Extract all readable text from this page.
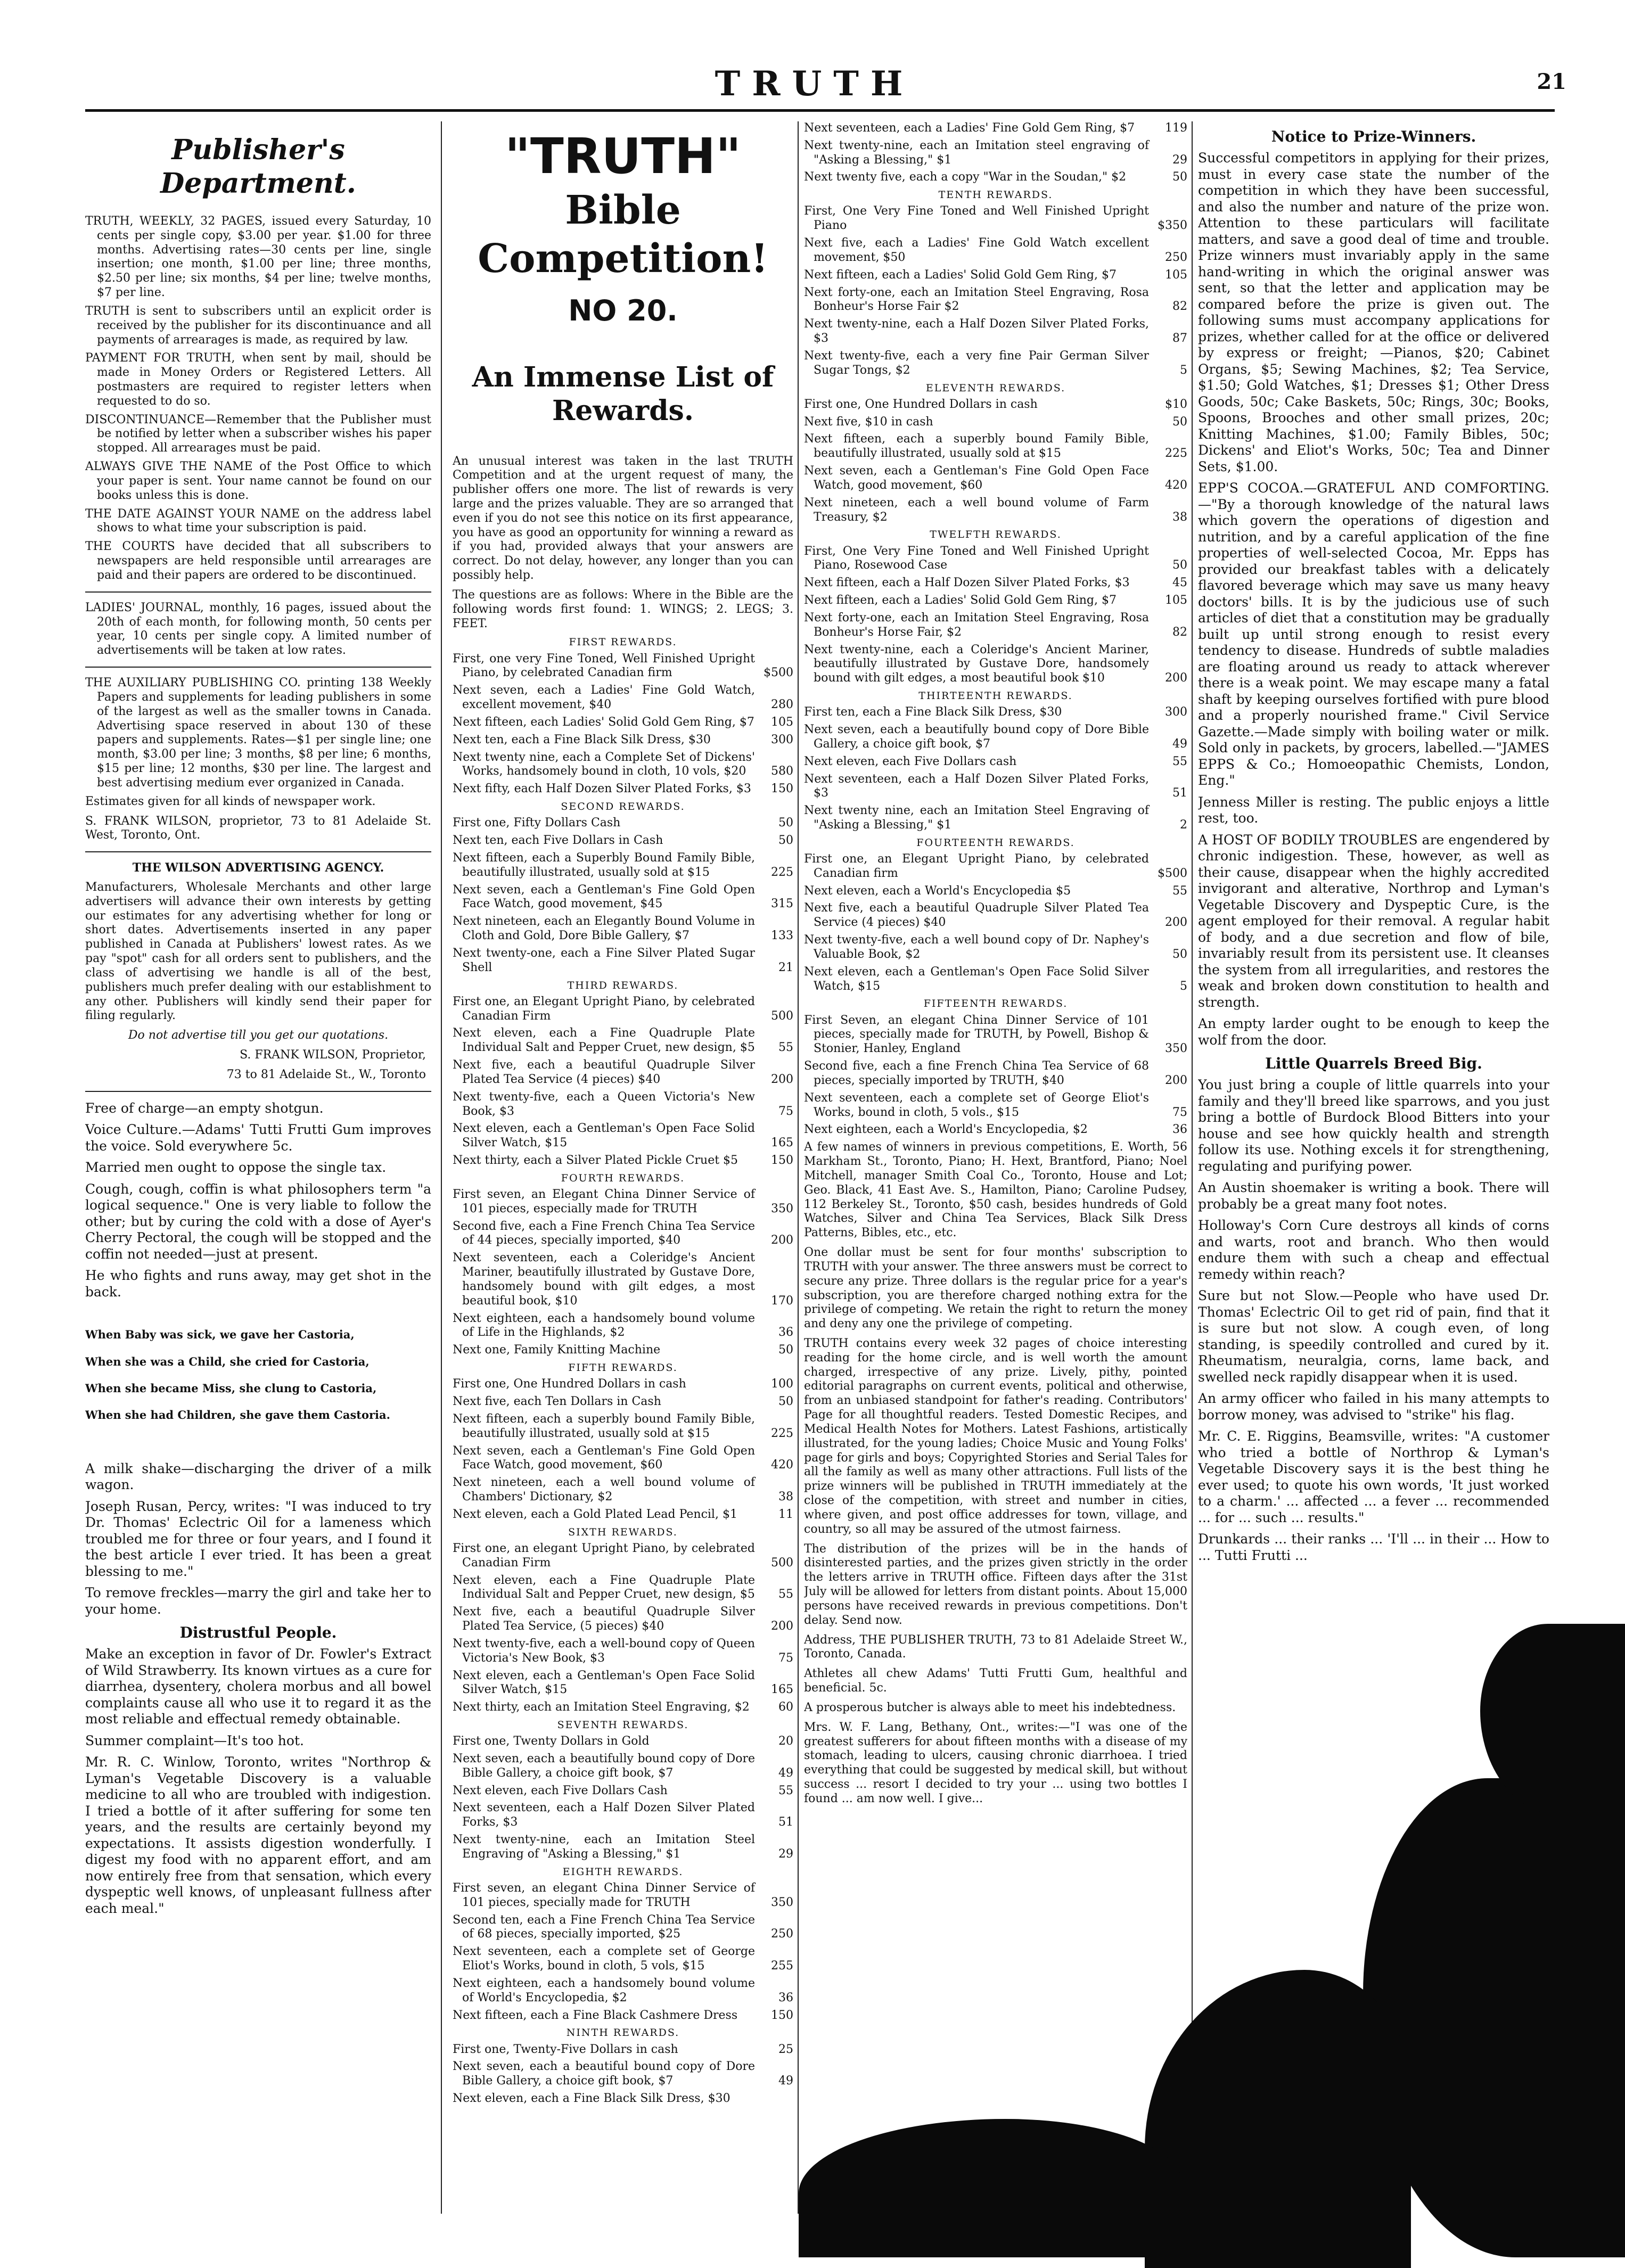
TRUTH	21
Publisher's Department.

TRUTH, WEEKLY, 32 PAGES, issued every Saturday, 10 cents per single copy, $3.00 per year. $1.00 for three months. Advertising rates—30 cents per line, single insertion; one month, $1.00 per line; three months, $2.50 per line; six months, $4 per line; twelve months, $7 per line.

TRUTH is sent to subscribers until an explicit order is received by the publisher for its discontinuance and all payments of arrearages is made, as required by law.

PAYMENT FOR TRUTH, when sent by mail, should be made in Money Orders or Registered Letters. All postmasters are required to register letters when requested to do so.

DISCONTINUANCE—Remember that the Publisher must be notified by letter when a subscriber wishes his paper stopped. All arrearages must be paid.

ALWAYS GIVE THE NAME of the Post Office to which your paper is sent. Your name cannot be found on our books unless this is done.

THE DATE AGAINST YOUR NAME on the address label shows to what time your subscription is paid.

THE COURTS have decided that all subscribers to newspapers are held responsible until arrearages are paid and their papers are ordered to be discontinued.

LADIES' JOURNAL, monthly, 16 pages, issued about the 20th of each month, for following month, 50 cents per year, 10 cents per single copy. A limited number of advertisements will be taken at low rates.

THE AUXILIARY PUBLISHING CO. printing 138 Weekly Papers and supplements for leading publishers in some of the largest as well as the smaller towns in Canada. Advertising space reserved in about 130 of these papers and supplements. Rates—$1 per single line; one month, $3.00 per line; 3 months, $8 per line; 6 months, $15 per line; 12 months, $30 per line. The largest and best advertising medium ever organized in Canada.

Estimates given for all kinds of newspaper work.

S. FRANK WILSON, proprietor, 73 to 81 Adelaide St. West, Toronto, Ont.

THE WILSON ADVERTISING AGENCY.

Manufacturers, Wholesale Merchants and other large advertisers will advance their own interests by getting our estimates for any advertising whether for long or short dates. Advertisements inserted in any paper published in Canada at Publishers' lowest rates. As we pay "spot" cash for all orders sent to publishers, and the class of advertising we handle is all of the best, publishers much prefer dealing with our establishment to any other. Publishers will kindly send their paper for filing regularly.

Do not advertise till you get our quotations.

S. FRANK WILSON, Proprietor,

73 to 81 Adelaide St., W., Toronto

Free of charge—an empty shotgun.

Voice Culture.—Adams' Tutti Frutti Gum improves the voice. Sold everywhere 5c.

Married men ought to oppose the single tax.

Cough, cough, coffin is what philosophers term "a logical sequence." One is very liable to follow the other; but by curing the cold with a dose of Ayer's Cherry Pectoral, the cough will be stopped and the coffin not needed—just at present.

He who fights and runs away, may get shot in the back.

When Baby was sick, we gave her Castoria,
When she was a Child, she cried for Castoria,
When she became Miss, she clung to Castoria,
When she had Children, she gave them Castoria.

A milk shake—discharging the driver of a milk wagon.

Joseph Rusan, Percy, writes: "I was induced to try Dr. Thomas' Eclectric Oil for a lameness which troubled me for three or four years, and I found it the best article I ever tried. It has been a great blessing to me."

To remove freckles—marry the girl and take her to your home.

Distrustful People.

Make an exception in favor of Dr. Fowler's Extract of Wild Strawberry. Its known virtues as a cure for diarrhea, dysentery, cholera morbus and all bowel complaints cause all who use it to regard it as the most reliable and effectual remedy obtainable.

Summer complaint—It's too hot.

Mr. R. C. Winlow, Toronto, writes "Northrop & Lyman's Vegetable Discovery is a valuable medicine to all who are troubled with indigestion. I tried a bottle of it after suffering for some ten years, and the results are certainly beyond my expectations. It assists digestion wonderfully. I digest my food with no apparent effort, and am now entirely free from that sensation, which every dyspeptic well knows, of unpleasant fullness after each meal."

"TRUTH"
Bible Competition!
NO 20.
An Immense List of Rewards.

An unusual interest was taken in the last TRUTH Competition and at the urgent request of many, the publisher offers one more. The list of rewards is very large and the prizes valuable. They are so arranged that even if you do not see this notice on its first appearance, you have as good an opportunity for winning a reward as if you had, provided always that your answers are correct. Do not delay, however, any longer than you can possibly help.

The questions are as follows: Where in the Bible are the following words first found: 1. WINGS; 2. LEGS; 3. FEET.

FIRST REWARDS.
First, one very Fine Toned, Well Finished Upright Piano, by celebrated Canadian firm	$500
Next seven, each a Ladies' Fine Gold Watch, excellent movement, $40	280
Next fifteen, each Ladies' Solid Gold Gem Ring, $7	105
Next ten, each a Fine Black Silk Dress, $30	300
Next twenty nine, each a Complete Set of Dickens' Works, handsomely bound in cloth, 10 vols, $20	580
Next fifty, each Half Dozen Silver Plated Forks, $3	150
SECOND REWARDS.
First one, Fifty Dollars Cash	50
Next ten, each Five Dollars in Cash	50
Next fifteen, each a Superbly Bound Family Bible, beautifully illustrated, usually sold at $15	225
Next seven, each a Gentleman's Fine Gold Open Face Watch, good movement, $45	315
Next nineteen, each an Elegantly Bound Volume in Cloth and Gold, Dore Bible Gallery, $7	133
Next twenty-one, each a Fine Silver Plated Sugar Shell	21
THIRD REWARDS.
First one, an Elegant Upright Piano, by celebrated Canadian Firm	500
Next eleven, each a Fine Quadruple Plate Individual Salt and Pepper Cruet, new design, $5	55
Next five, each a beautiful Quadruple Silver Plated Tea Service (4 pieces) $40	200
Next twenty-five, each a Queen Victoria's New Book, $3	75
Next eleven, each a Gentleman's Open Face Solid Silver Watch, $15	165
Next thirty, each a Silver Plated Pickle Cruet $5	150
FOURTH REWARDS.
First seven, an Elegant China Dinner Service of 101 pieces, especially made for TRUTH	350
Second five, each a Fine French China Tea Service of 44 pieces, specially imported, $40	200
Next seventeen, each a Coleridge's Ancient Mariner, beautifully illustrated by Gustave Dore, handsomely bound with gilt edges, a most beautiful book, $10	170
Next eighteen, each a handsomely bound volume of Life in the Highlands, $2	36
Next one, Family Knitting Machine	50
FIFTH REWARDS.
First one, One Hundred Dollars in cash	100
Next five, each Ten Dollars in Cash	50
Next fifteen, each a superbly bound Family Bible, beautifully illustrated, usually sold at $15	225
Next seven, each a Gentleman's Fine Gold Open Face Watch, good movement, $60	420
Next nineteen, each a well bound volume of Chambers' Dictionary, $2	38
Next eleven, each a Gold Plated Lead Pencil, $1	11
SIXTH REWARDS.
First one, an elegant Upright Piano, by celebrated Canadian Firm	500
Next eleven, each a Fine Quadruple Plate Individual Salt and Pepper Cruet, new design, $5	55
Next five, each a beautiful Quadruple Silver Plated Tea Service, (5 pieces) $40	200
Next twenty-five, each a well-bound copy of Queen Victoria's New Book, $3	75
Next eleven, each a Gentleman's Open Face Solid Silver Watch, $15	165
Next thirty, each an Imitation Steel Engraving, $2	60
SEVENTH REWARDS.
First one, Twenty Dollars in Gold	20
Next seven, each a beautifully bound copy of Dore Bible Gallery, a choice gift book, $7	49
Next eleven, each Five Dollars Cash	55
Next seventeen, each a Half Dozen Silver Plated Forks, $3	51
Next twenty-nine, each an Imitation Steel Engraving of "Asking a Blessing," $1	29
EIGHTH REWARDS.
First seven, an elegant China Dinner Service of 101 pieces, specially made for TRUTH	350
Second ten, each a Fine French China Tea Service of 68 pieces, specially imported, $25	250
Next seventeen, each a complete set of George Eliot's Works, bound in cloth, 5 vols, $15	255
Next eighteen, each a handsomely bound volume of World's Encyclopedia, $2	36
Next fifteen, each a Fine Black Cashmere Dress	150
NINTH REWARDS.
First one, Twenty-Five Dollars in cash	25
Next seven, each a beautiful bound copy of Dore Bible Gallery, a choice gift book, $7	49
Next eleven, each a Fine Black Silk Dress, $30
Next seventeen, each a Ladies' Fine Gold Gem Ring, $7	119
Next twenty-nine, each an Imitation steel engraving of "Asking a Blessing," $1	29
Next twenty five, each a copy "War in the Soudan," $2	50
TENTH REWARDS.
First, One Very Fine Toned and Well Finished Upright Piano	$350
Next five, each a Ladies' Fine Gold Watch excellent movement, $50	250
Next fifteen, each a Ladies' Solid Gold Gem Ring, $7	105
Next forty-one, each an Imitation Steel Engraving, Rosa Bonheur's Horse Fair $2	82
Next twenty-nine, each a Half Dozen Silver Plated Forks, $3	87
Next twenty-five, each a very fine Pair German Silver Sugar Tongs, $2	5
ELEVENTH REWARDS.
First one, One Hundred Dollars in cash	$10
Next five, $10 in cash	50
Next fifteen, each a superbly bound Family Bible, beautifully illustrated, usually sold at $15	225
Next seven, each a Gentleman's Fine Gold Open Face Watch, good movement, $60	420
Next nineteen, each a well bound volume of Farm Treasury, $2	38
TWELFTH REWARDS.
First, One Very Fine Toned and Well Finished Upright Piano, Rosewood Case	50
Next fifteen, each a Half Dozen Silver Plated Forks, $3	45
Next fifteen, each a Ladies' Solid Gold Gem Ring, $7	105
Next forty-one, each an Imitation Steel Engraving, Rosa Bonheur's Horse Fair, $2	82
Next twenty-nine, each a Coleridge's Ancient Mariner, beautifully illustrated by Gustave Dore, handsomely bound with gilt edges, a most beautiful book $10	200
THIRTEENTH REWARDS.
First ten, each a Fine Black Silk Dress, $30	300
Next seven, each a beautifully bound copy of Dore Bible Gallery, a choice gift book, $7	49
Next eleven, each Five Dollars cash	55
Next seventeen, each a Half Dozen Silver Plated Forks, $3	51
Next twenty nine, each an Imitation Steel Engraving of "Asking a Blessing," $1	2
FOURTEENTH REWARDS.
First one, an Elegant Upright Piano, by celebrated Canadian firm	$500
Next eleven, each a World's Encyclopedia $5	55
Next five, each a beautiful Quadruple Silver Plated Tea Service (4 pieces) $40	200
Next twenty-five, each a well bound copy of Dr. Naphey's Valuable Book, $2	50
Next eleven, each a Gentleman's Open Face Solid Silver Watch, $15	5
FIFTEENTH REWARDS.
First Seven, an elegant China Dinner Service of 101 pieces, specially made for TRUTH, by Powell, Bishop & Stonier, Hanley, England	350
Second five, each a fine French China Tea Service of 68 pieces, specially imported by TRUTH, $40	200
Next seventeen, each a complete set of George Eliot's Works, bound in cloth, 5 vols., $15	75
Next eighteen, each a World's Encyclopedia, $2	36

A few names of winners in previous competitions, E. Worth, 56 Markham St., Toronto, Piano; H. Hext, Brantford, Piano; Noel Mitchell, manager Smith Coal Co., Toronto, House and Lot; Geo. Black, 41 East Ave. S., Hamilton, Piano; Caroline Pudsey, 112 Berkeley St., Toronto, $50 cash, besides hundreds of Gold Watches, Silver and China Tea Services, Black Silk Dress Patterns, Bibles, etc., etc.

One dollar must be sent for four months' subscription to TRUTH with your answer. The three answers must be correct to secure any prize. Three dollars is the regular price for a year's subscription, you are therefore charged nothing extra for the privilege of competing. We retain the right to return the money and deny any one the privilege of competing.

TRUTH contains every week 32 pages of choice interesting reading for the home circle, and is well worth the amount charged, irrespective of any prize. Lively, pithy, pointed editorial paragraphs on current events, political and otherwise, from an unbiased standpoint for father's reading. Contributors' Page for all thoughtful readers. Tested Domestic Recipes, and Medical Health Notes for Mothers. Latest Fashions, artistically illustrated, for the young ladies; Choice Music and Young Folks' page for girls and boys; Copyrighted Stories and Serial Tales for all the family as well as many other attractions. Full lists of the prize winners will be published in TRUTH immediately at the close of the competition, with street and number in cities, where given, and post office addresses for town, village, and country, so all may be assured of the utmost fairness.

The distribution of the prizes will be in the hands of disinterested parties, and the prizes given strictly in the order the letters arrive in TRUTH office. Fifteen days after the 31st July will be allowed for letters from distant points. About 15,000 persons have received rewards in previous competitions. Don't delay. Send now.

Address, THE PUBLISHER TRUTH, 73 to 81 Adelaide Street W., Toronto, Canada.

Athletes all chew Adams' Tutti Frutti Gum, healthful and beneficial. 5c.

A prosperous butcher is always able to meet his indebtedness.

Mrs. W. F. Lang, Bethany, Ont., writes:—"I was one of the greatest sufferers for about fifteen months with a disease of my stomach, leading to ulcers, causing chronic diarrhoea. I tried everything that could be suggested by medical skill, but without success ... resort I decided to try your ... using two bottles I found ... am now well. I give...

Notice to Prize-Winners.

Successful competitors in applying for their prizes, must in every case state the number of the competition in which they have been successful, and also the number and nature of the prize won. Attention to these particulars will facilitate matters, and save a good deal of time and trouble. Prize winners must invariably apply in the same hand-writing in which the original answer was sent, so that the letter and application may be compared before the prize is given out. The following sums must accompany applications for prizes, whether called for at the office or delivered by express or freight; —Pianos, $20; Cabinet Organs, $5; Sewing Machines, $2; Tea Service, $1.50; Gold Watches, $1; Dresses $1; Other Dress Goods, 50c; Cake Baskets, 50c; Rings, 30c; Books, Spoons, Brooches and other small prizes, 20c; Knitting Machines, $1.00; Family Bibles, 50c; Dickens' and Eliot's Works, 50c; Tea and Dinner Sets, $1.00.

EPP'S COCOA.—GRATEFUL AND COMFORTING.—"By a thorough knowledge of the natural laws which govern the operations of digestion and nutrition, and by a careful application of the fine properties of well-selected Cocoa, Mr. Epps has provided our breakfast tables with a delicately flavored beverage which may save us many heavy doctors' bills. It is by the judicious use of such articles of diet that a constitution may be gradually built up until strong enough to resist every tendency to disease. Hundreds of subtle maladies are floating around us ready to attack wherever there is a weak point. We may escape many a fatal shaft by keeping ourselves fortified with pure blood and a properly nourished frame." Civil Service Gazette.—Made simply with boiling water or milk. Sold only in packets, by grocers, labelled.—"JAMES EPPS & Co.; Homoeopathic Chemists, London, Eng."

Jenness Miller is resting. The public enjoys a little rest, too.

A HOST OF BODILY TROUBLES are engendered by chronic indigestion. These, however, as well as their cause, disappear when the highly accredited invigorant and alterative, Northrop and Lyman's Vegetable Discovery and Dyspeptic Cure, is the agent employed for their removal. A regular habit of body, and a due secretion and flow of bile, invariably result from its persistent use. It cleanses the system from all irregularities, and restores the weak and broken down constitution to health and strength.

An empty larder ought to be enough to keep the wolf from the door.

Little Quarrels Breed Big.

You just bring a couple of little quarrels into your family and they'll breed like sparrows, and you just bring a bottle of Burdock Blood Bitters into your house and see how quickly health and strength follow its use. Nothing excels it for strengthening, regulating and purifying power.

An Austin shoemaker is writing a book. There will probably be a great many foot notes.

Holloway's Corn Cure destroys all kinds of corns and warts, root and branch. Who then would endure them with such a cheap and effectual remedy within reach?

Sure but not Slow.—People who have used Dr. Thomas' Eclectric Oil to get rid of pain, find that it is sure but not slow. A cough even, of long standing, is speedily controlled and cured by it. Rheumatism, neuralgia, corns, lame back, and swelled neck rapidly disappear when it is used.

An army officer who failed in his many attempts to borrow money, was advised to "strike" his flag.

Mr. C. E. Riggins, Beamsville, writes: "A customer who tried a bottle of Northrop & Lyman's Vegetable Discovery says it is the best thing he ever used; to quote his own words, 'It just worked to a charm.' ... affected ... a fever ... recommended ... for ... such ... results."

Drunkards ... their ranks ... 'I'll ... in their ... How to ... Tutti Frutti ...
